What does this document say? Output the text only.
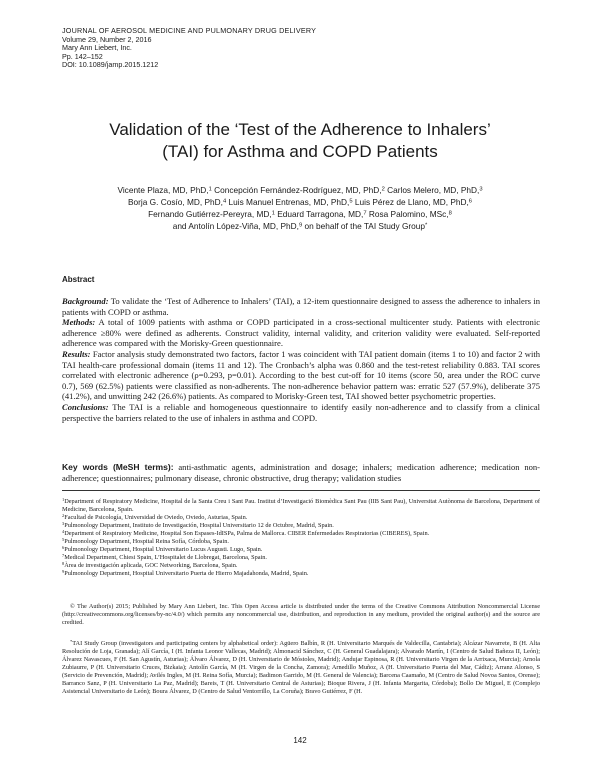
JOURNAL OF AEROSOL MEDICINE AND PULMONARY DRUG DELIVERY
Volume 29, Number 2, 2016
Mary Ann Liebert, Inc.
Pp. 142–152
DOI: 10.1089/jamp.2015.1212
Validation of the ‘Test of the Adherence to Inhalers’
(TAI) for Asthma and COPD Patients
Vicente Plaza, MD, PhD,$^1$ Concepción Fernández-Rodríguez, MD, PhD,$^2$ Carlos Melero, MD, PhD,$^3$
Borja G. Cosío, MD, PhD,$^4$ Luis Manuel Entrenas, MD, PhD,$^5$ Luis Pérez de Llano, MD, PhD,$^6$
Fernando Gutiérrez-Pereyra, MD,$^1$ Eduard Tarragona, MD,$^7$ Rosa Palomino, MSc,$^8$
and Antolín López-Viña, MD, PhD,$^9$ on behalf of the TAI Study Group*
Abstract

Background: To validate the ‘Test of Adherence to Inhalers’ (TAI), a 12-item questionnaire designed to assess the adherence to inhalers in patients with COPD or asthma.

Methods: A total of 1009 patients with asthma or COPD participated in a cross-sectional multicenter study. Patients with electronic adherence ≥80% were defined as adherents. Construct validity, internal validity, and criterion validity were evaluated. Self-reported adherence was compared with the Morisky-Green questionnaire.

Results: Factor analysis study demonstrated two factors, factor 1 was coincident with TAI patient domain (items 1 to 10) and factor 2 with TAI health-care professional domain (items 11 and 12). The Cronbach’s alpha was 0.860 and the test-retest reliability 0.883. TAI scores correlated with electronic adherence (ρ=0.293, p=0.01). According to the best cut-off for 10 items (score 50, area under the ROC curve 0.7), 569 (62.5%) patients were classified as non-adherents. The non-adherence behavior pattern was: erratic 527 (57.9%), deliberate 375 (41.2%), and unwitting 242 (26.6%) patients. As compared to Morisky-Green test, TAI showed better psychometric properties.

Conclusions: The TAI is a reliable and homogeneous questionnaire to identify easily non-adherence and to classify from a clinical perspective the barriers related to the use of inhalers in asthma and COPD.

Key words (MeSH terms): anti-asthmatic agents, administration and dosage; inhalers; medication adherence; medication non-adherence; questionnaires; pulmonary disease, chronic obstructive, drug therapy; validation studies

$^1$Department of Respiratory Medicine, Hospital de la Santa Creu i Sant Pau. Institut d’Investigació Biomèdica Sant Pau (IIB Sant Pau), Universitat Autònoma de Barcelona, Department of Medicine, Barcelona, Spain.

$^2$Facultad de Psicología, Universidad de Oviedo, Oviedo, Asturias, Spain.

$^3$Pulmonology Department, Instituto de Investigación, Hospital Universitario 12 de Octubre, Madrid, Spain.

$^4$Department of Respiratory Medicine, Hospital Son Espases-IdISPa, Palma de Mallorca. CIBER Enfermedades Respiratorias (CIBERES), Spain.

$^5$Pulmonology Department, Hospital Reina Sofía, Córdoba, Spain.

$^6$Pulmonology Department, Hospital Universitario Lucus Augusti. Lugo, Spain.

$^7$Medical Department, Chiesi Spain, L’Hospitalet de Llobregat, Barcelona, Spain.

$^8$Àrea de investigación aplicada, GOC Networking, Barcelona, Spain.

$^9$Pulmonology Department, Hospital Universitario Puerta de Hierro Majadahonda, Madrid, Spain.

© The Author(s) 2015; Published by Mary Ann Liebert, Inc. This Open Access article is distributed under the terms of the Creative Commons Attribution Noncommercial License (http://creativecommons.org/licenses/by-nc/4.0/) which permits any noncommercial use, distribution, and reproduction in any medium, provided the original author(s) and the source are credited.

*TAI Study Group (investigators and participating centers by alphabetical order): Agüero Balbín, R (H. Universitario Marqués de Valdecilla, Cantabria); Alcázar Navarrete, B (H. Alta Resolución de Loja, Granada); Alí García, I (H. Infanta Leonor Vallecas, Madrid); Almonacid Sánchez, C (H. General Guadalajara); Alvarado Martín, I (Centro de Salud Bañeza II, León); Álvarez Navascues, F (H. San Agustín, Asturias); Álvaro Álvarez, D (H. Universitario de Móstoles, Madrid); Andujar Espinosa, R (H. Universitario Virgen de la Arrixaca, Murcia); Arnola Zubiaurre, P (H. Universitario Cruces, Bizkaia); Antolín García, M (H. Virgen de la Concha, Zamora); Arnedillo Muñoz, A (H. Universitario Puerta del Mar, Cádiz); Arranz Alonso, S (Servicio de Prevención, Madrid); Avilés Ingles, M (H. Reina Sofía, Murcia); Badimon Garrido, M (H. General de Valencia); Barcena Caamaño, M (Centro de Salud Novoa Santos, Orense); Barranco Sanz, P (H. Universitario La Paz, Madrid); Bareis, T (H. Universitario Central de Asturias); Bioque Rivera, J (H. Infanta Margarita, Córdoba); Bollo De Miguel, E (Complejo Asistencial Universitario de León); Boura Álvarez, D (Centro de Salud Ventorrillo, La Coruña); Bravo Gutiérrez, F (H.

142
